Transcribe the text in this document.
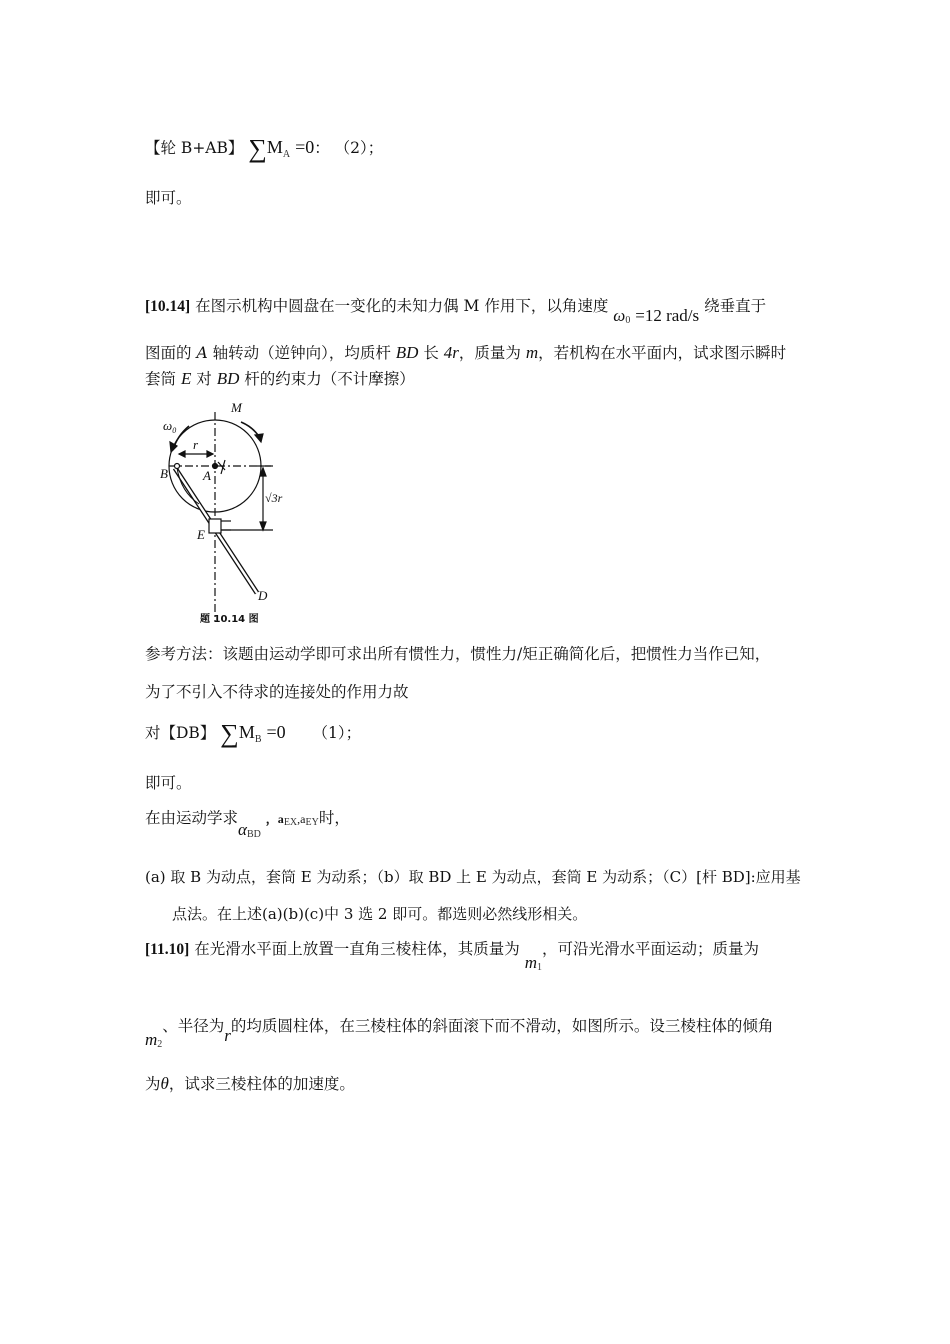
【轮 B+AB】 $\sum M_A =0$： （2）；
即可。
[10.14] 在图示机构中圆盘在一变化的未知力偶 M 作用下，以角速度 $\omega_0 =12$ rad/s 绕垂直于
图面的 A 轴转动（逆钟向），均质杆 BD 长 4r，质量为 m，若机构在水平面内，试求图示瞬时
套筒 E 对 BD 杆的约束力（不计摩擦）
M
$\omega_0$
r
B	A
√3r
E
D
题 10.14 图
参考方法：该题由运动学即可求出所有惯性力，惯性力/矩正确简化后，把惯性力当作已知，
为了不引入不待求的连接处的作用力故
对【DB】 $\sum M_B =0$ （1）；
即可。
在由运动学求$\alpha_{BD}$ ，$a_{EX},a_{EY}$时，
(a) 取 B 为动点，套筒 E 为动系；（b）取 BD 上 E 为动点，套筒 E 为动系；（C）[杆 BD]:应用基
点法。在上述(a)(b)(c)中 3 选 2 即可。都选则必然线形相关。
[11.10] 在光滑水平面上放置一直角三棱柱体，其质量为 $m_1$，可沿光滑水平面运动；质量为
$m_2$、半径为r的均质圆柱体，在三棱柱体的斜面滚下而不滑动，如图所示。设三棱柱体的倾角
为θ，试求三棱柱体的加速度。
